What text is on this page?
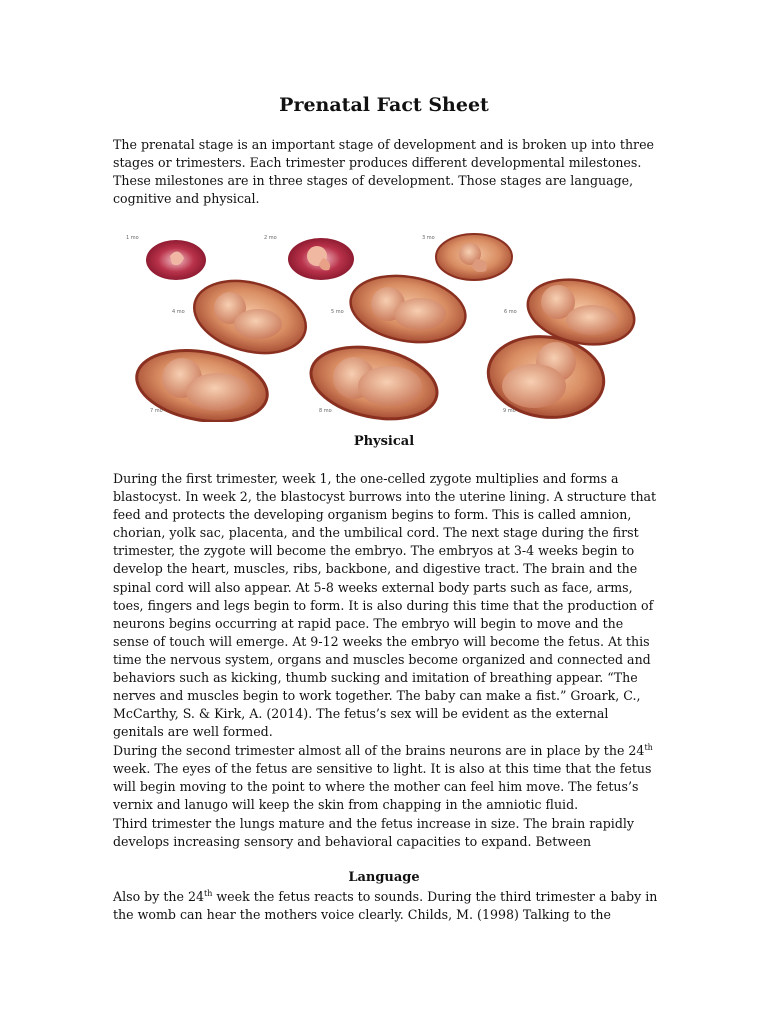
Prenatal Fact Sheet

The prenatal stage is an important stage of development and is broken up into three stages or trimesters. Each trimester produces different developmental milestones. These milestones are in three stages of development. Those stages are language, cognitive and physical.

1 mo	2 mo	3 mo
4 mo	5 mo	6 mo
7 mo	8 mo	9 mo
Physical

During the first trimester, week 1, the one-celled zygote multiplies and forms a blastocyst. In week 2, the blastocyst burrows into the uterine lining. A structure that feed and protects the developing organism begins to form. This is called amnion, chorian, yolk sac, placenta, and the umbilical cord. The next stage during the first trimester, the zygote will become the embryo. The embryos at 3-4 weeks begin to develop the heart, muscles, ribs, backbone, and digestive tract. The brain and the spinal cord will also appear. At 5-8 weeks external body parts such as face, arms, toes, fingers and legs begin to form. It is also during this time that the production of neurons begins occurring at rapid pace. The embryo will begin to move and the sense of touch will emerge. At 9-12 weeks the embryo will become the fetus. At this time the nervous system, organs and muscles become organized and connected and behaviors such as kicking, thumb sucking and imitation of breathing appear. “The nerves and muscles begin to work together. The baby can make a fist.” Groark, C., McCarthy, S. & Kirk, A. (2014). The fetus’s sex will be evident as the external genitals are well formed.

During the second trimester almost all of the brains neurons are in place by the 24th week. The eyes of the fetus are sensitive to light. It is also at this time that the fetus will begin moving to the point to where the mother can feel him move. The fetus’s vernix and lanugo will keep the skin from chapping in the amniotic fluid.

Third trimester the lungs mature and the fetus increase in size. The brain rapidly develops increasing sensory and behavioral capacities to expand. Between

Language

Also by the 24th week the fetus reacts to sounds. During the third trimester a baby in the womb can hear the mothers voice clearly. Childs, M. (1998) Talking to the
